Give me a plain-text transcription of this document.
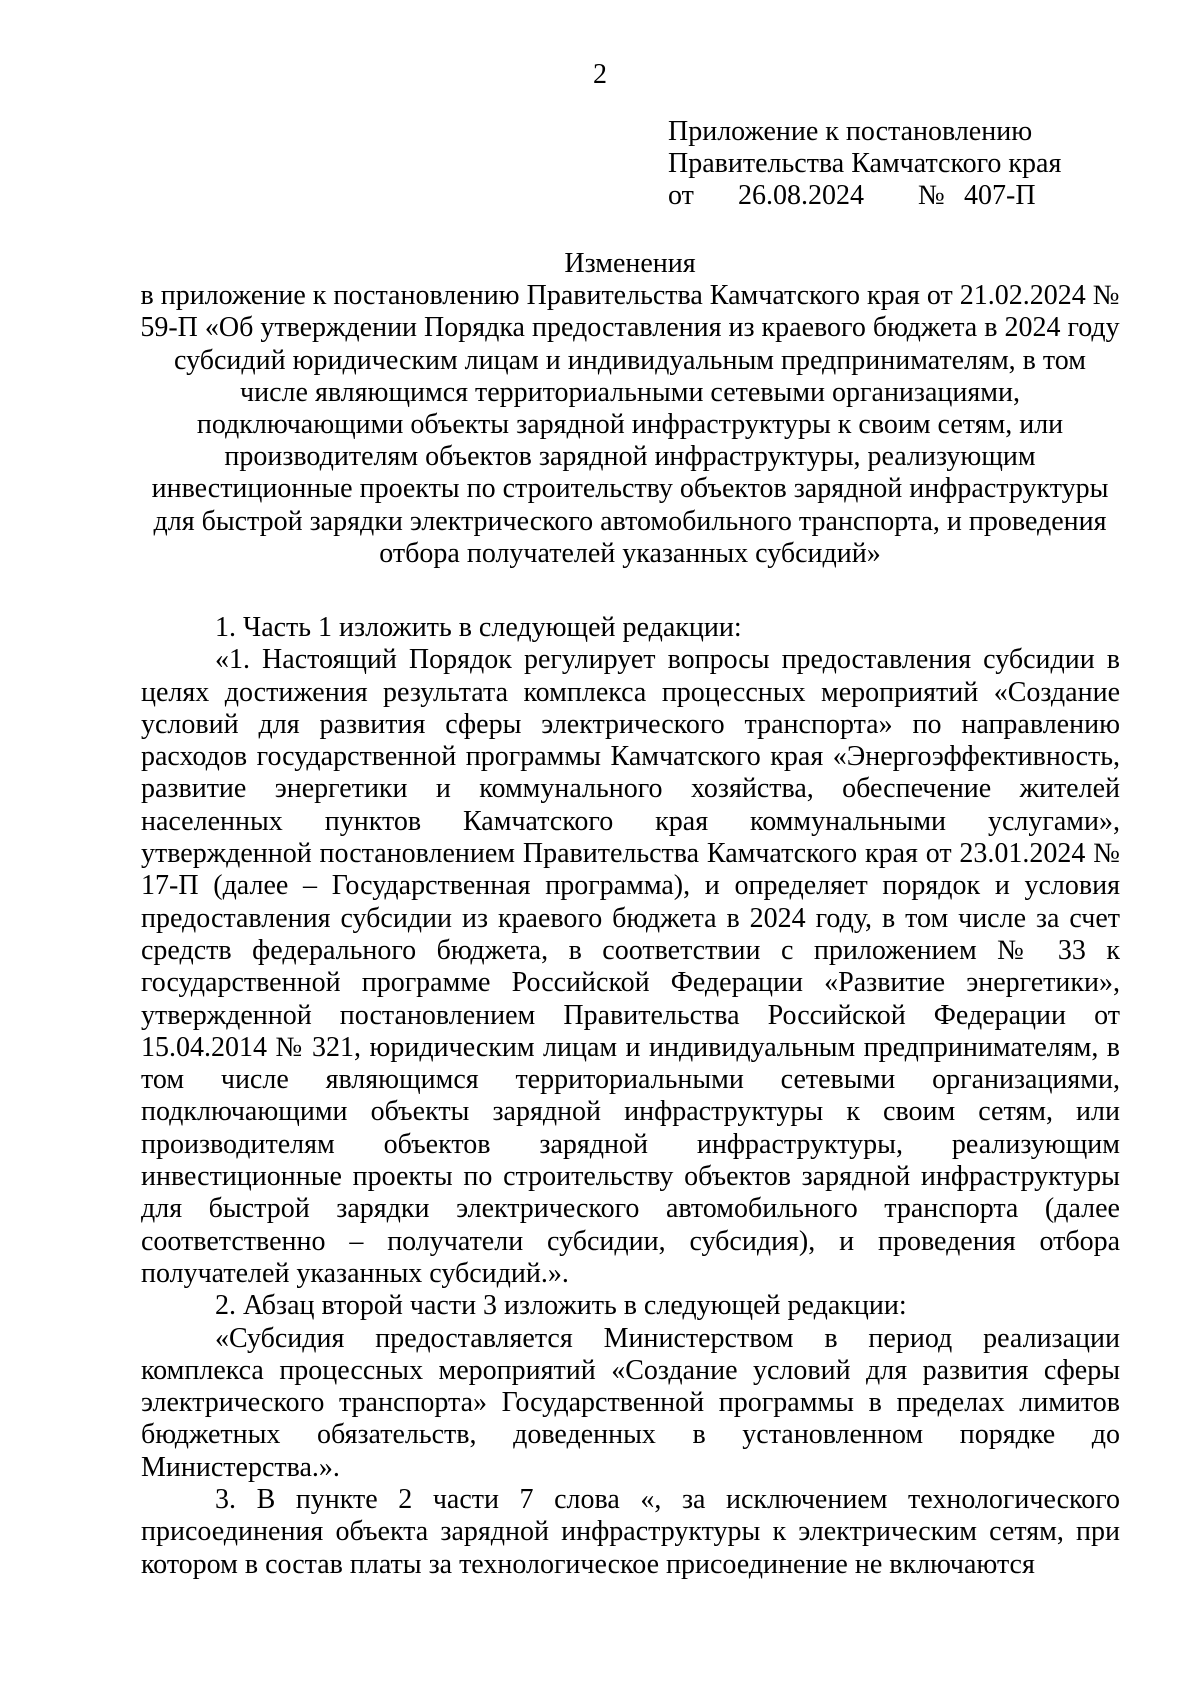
2
Приложение к постановлению
Правительства Камчатского края
от	26.08.2024	№ 407-П
Изменения
в приложение к постановлению Правительства Камчатского края от 21.02.2024 № 59-П «Об утверждении Порядка предоставления из краевого бюджета в 2024 году субсидий юридическим лицам и индивидуальным предпринимателям, в том числе являющимся территориальными сетевыми организациями, подключающими объекты зарядной инфраструктуры к своим сетям, или производителям объектов зарядной инфраструктуры, реализующим инвестиционные проекты по строительству объектов зарядной инфраструктуры для быстрой зарядки электрического автомобильного транспорта, и проведения отбора получателей указанных субсидий»

1. Часть 1 изложить в следующей редакции:

«1. Настоящий Порядок регулирует вопросы предоставления субсидии в целях достижения результата комплекса процессных мероприятий «Создание условий для развития сферы электрического транспорта» по направлению расходов государственной программы Камчатского края «Энергоэффективность, развитие энергетики и коммунального хозяйства, обеспечение жителей населенных пунктов Камчатского края коммунальными услугами», утвержденной постановлением Правительства Камчатского края от 23.01.2024 № 17-П (далее – Государственная программа), и определяет порядок и условия предоставления субсидии из краевого бюджета в 2024 году, в том числе за счет средств федерального бюджета, в соответствии с приложением № 33 к государственной программе Российской Федерации «Развитие энергетики», утвержденной постановлением Правительства Российской Федерации от 15.04.2014 № 321, юридическим лицам и индивидуальным предпринимателям, в том числе являющимся территориальными сетевыми организациями, подключающими объекты зарядной инфраструктуры к своим сетям, или производителям объектов зарядной инфраструктуры, реализующим инвестиционные проекты по строительству объектов зарядной инфраструктуры для быстрой зарядки электрического автомобильного транспорта (далее соответственно – получатели субсидии, субсидия), и проведения отбора получателей указанных субсидий.».

2. Абзац второй части 3 изложить в следующей редакции:

«Субсидия предоставляется Министерством в период реализации комплекса процессных мероприятий «Создание условий для развития сферы электрического транспорта» Государственной программы в пределах лимитов бюджетных обязательств, доведенных в установленном порядке до Министерства.».

3. В пункте 2 части 7 слова «, за исключением технологического присоединения объекта зарядной инфраструктуры к электрическим сетям, при котором в состав платы за технологическое присоединение не включаются
